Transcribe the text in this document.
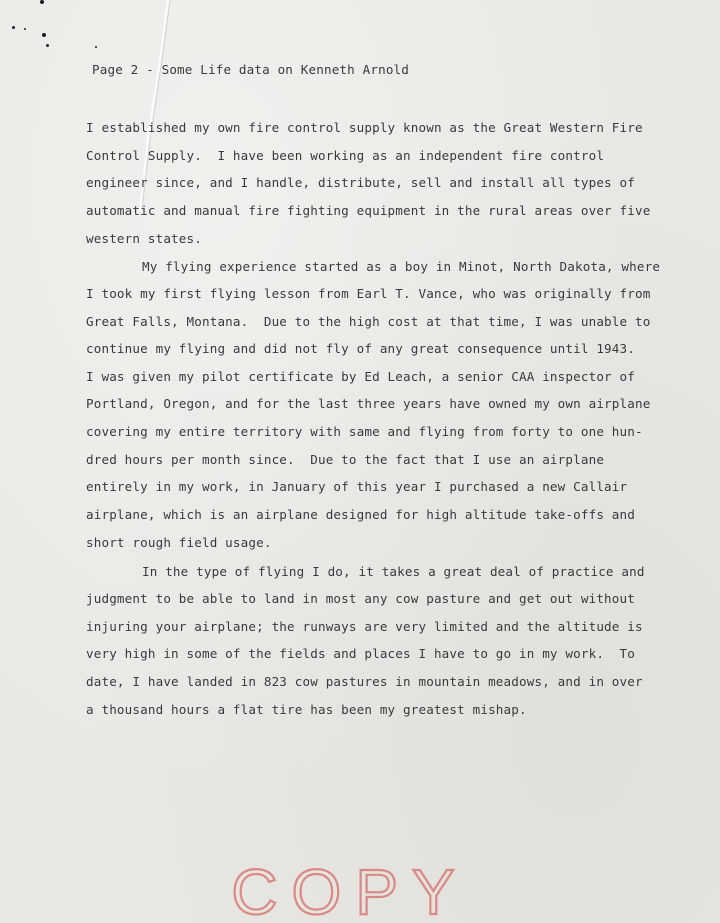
Page 2 - Some Life data on Kenneth Arnold
I established my own fire control supply known as the Great Western Fire
Control Supply.  I have been working as an independent fire control
engineer since, and I handle, distribute, sell and install all types of
automatic and manual fire fighting equipment in the rural areas over five
western states.
My flying experience started as a boy in Minot, North Dakota, where
I took my first flying lesson from Earl T. Vance, who was originally from
Great Falls, Montana.  Due to the high cost at that time, I was unable to
continue my flying and did not fly of any great consequence until 1943.
I was given my pilot certificate by Ed Leach, a senior CAA inspector of
Portland, Oregon, and for the last three years have owned my own airplane
covering my entire territory with same and flying from forty to one hun-
dred hours per month since.  Due to the fact that I use an airplane
entirely in my work, in January of this year I purchased a new Callair
airplane, which is an airplane designed for high altitude take-offs and
short rough field usage.
In the type of flying I do, it takes a great deal of practice and
judgment to be able to land in most any cow pasture and get out without
injuring your airplane; the runways are very limited and the altitude is
very high in some of the fields and places I have to go in my work.  To
date, I have landed in 823 cow pastures in mountain meadows, and in over
a thousand hours a flat tire has been my greatest mishap.
COPY
